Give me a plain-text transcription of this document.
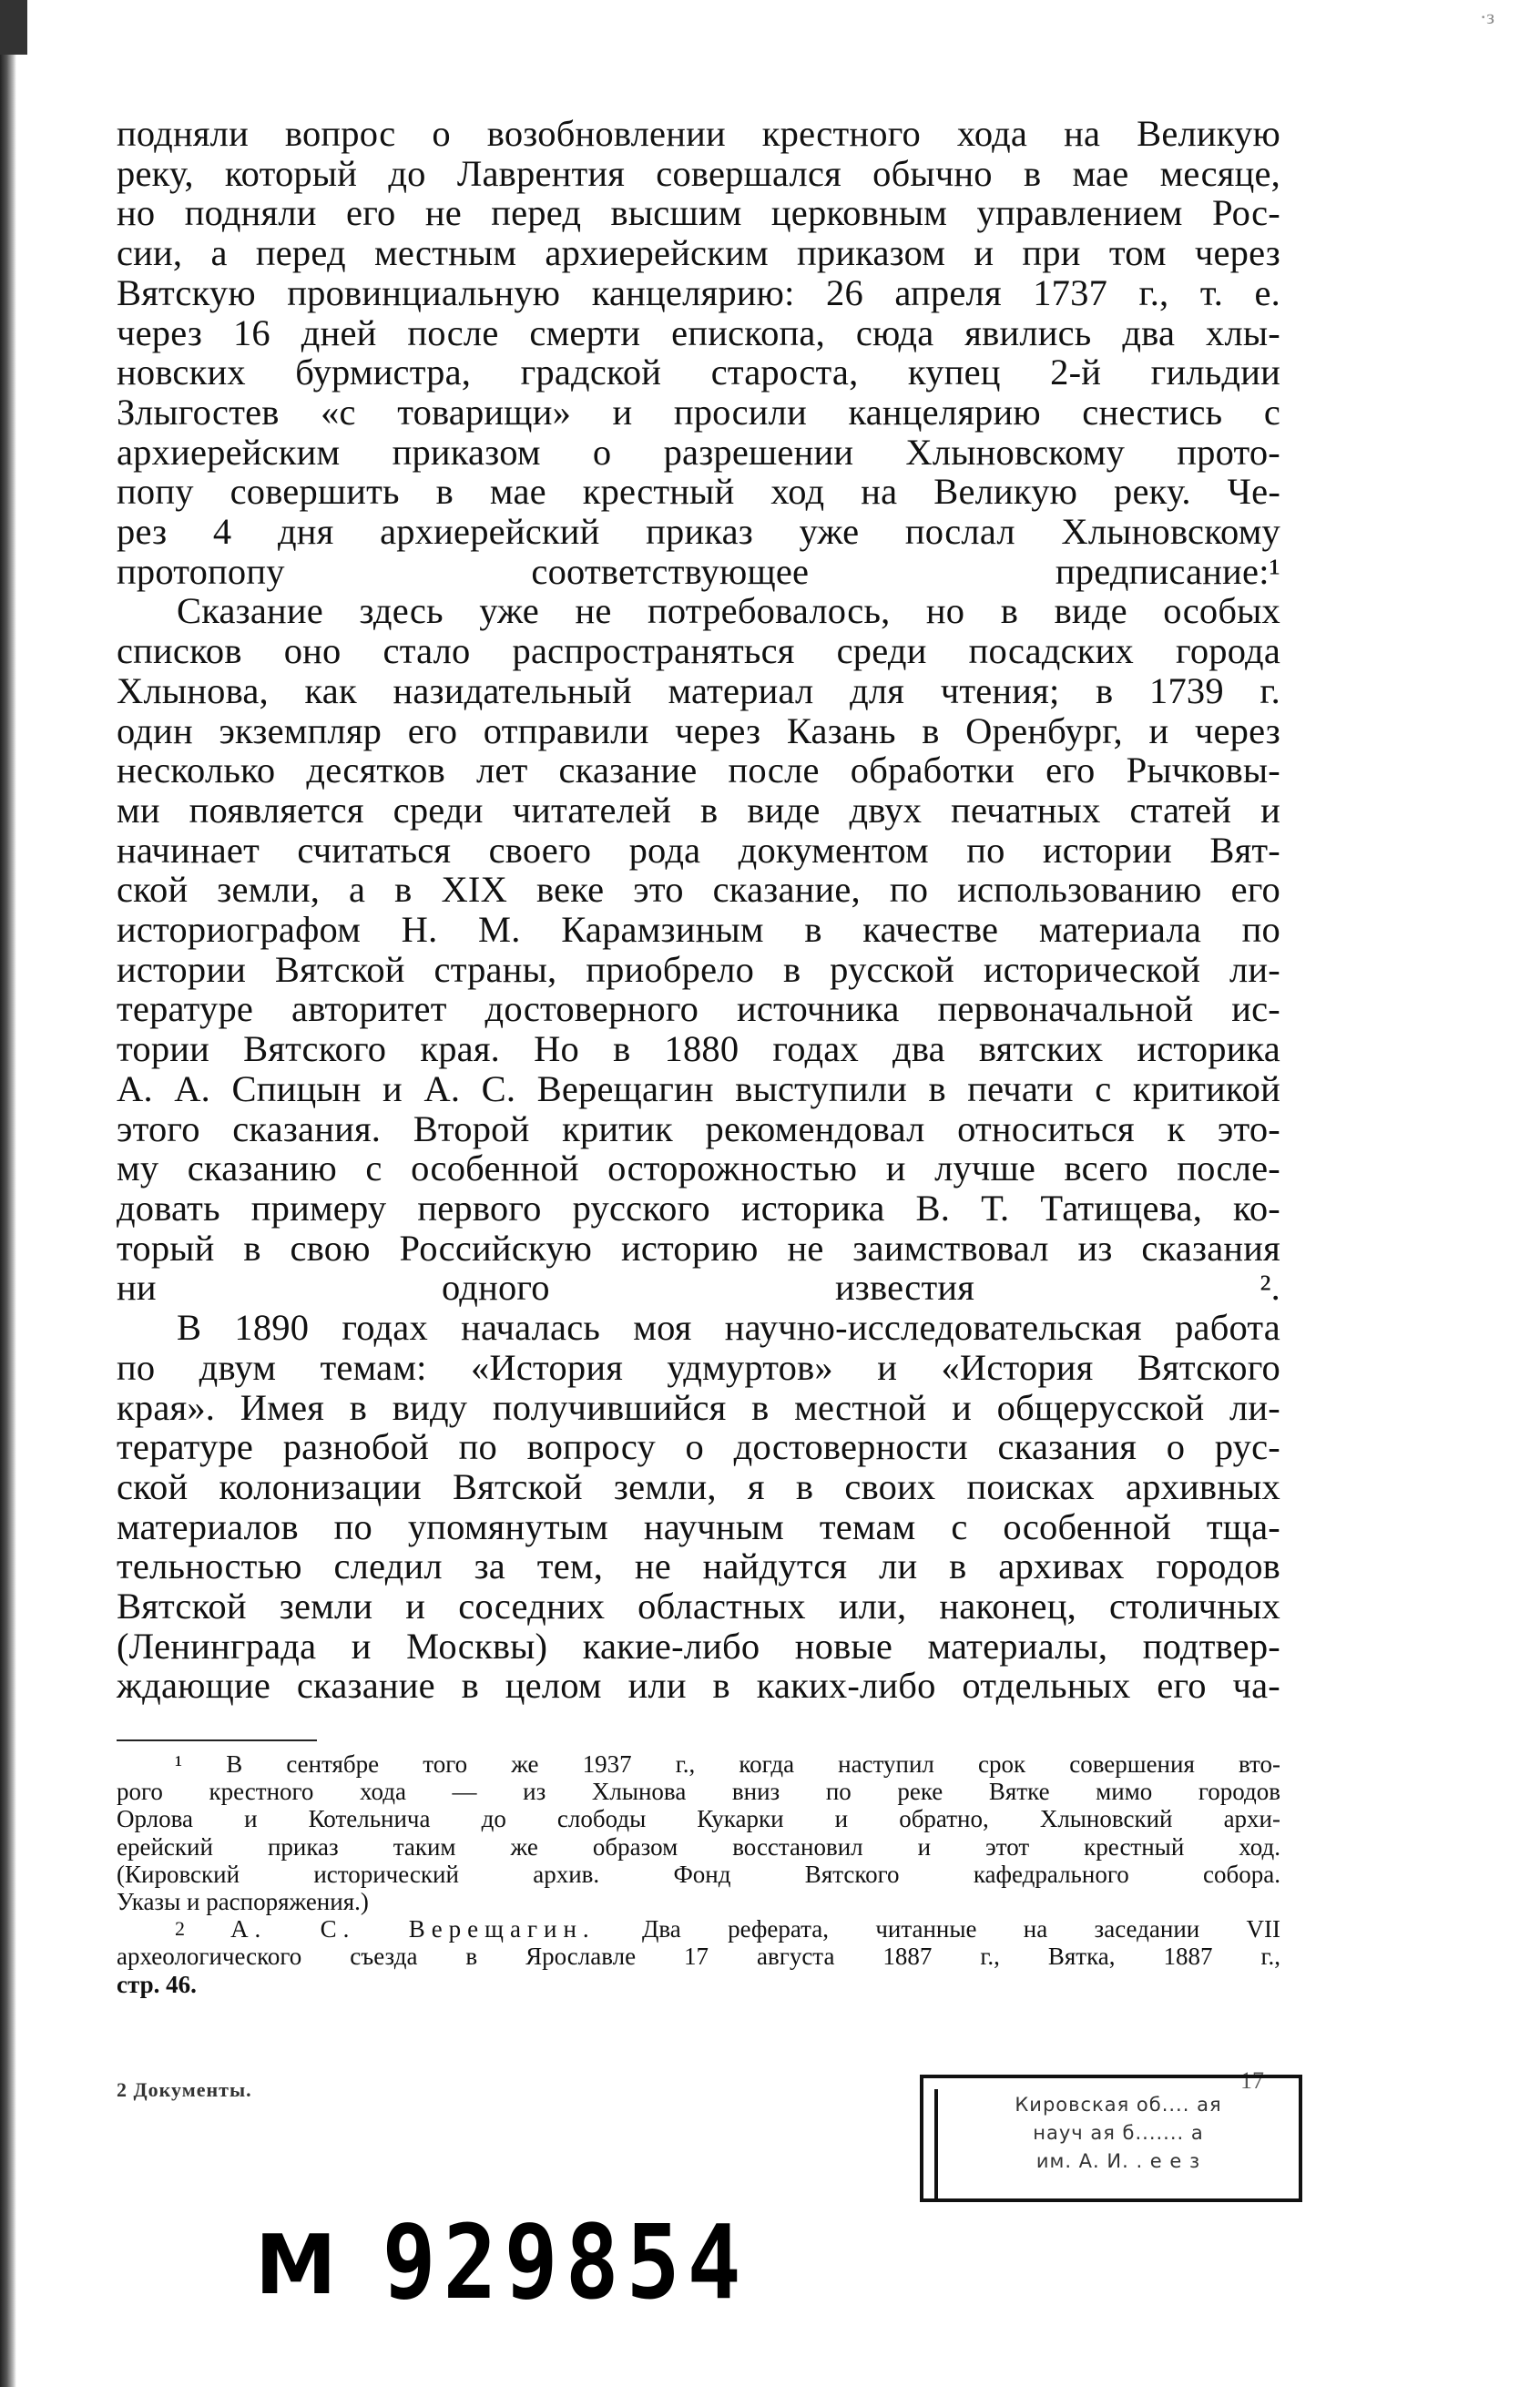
·з

подняли вопрос о возобновлении крестного хода на Великую
реку, который до Лаврентия совершался обычно в мае месяце,
но подняли его не перед высшим церковным управлением Рос-
сии, а перед местным архиерейским приказом и при том через
Вятскую провинциальную канцелярию: 26 апреля 1737 г., т. е.
через 16 дней после смерти епископа, сюда явились два хлы-
новских бурмистра, градской староста, купец 2-й гильдии
Злыгостев «с товарищи» и просили канцелярию снестись с
архиерейским приказом о разрешении Хлыновскому прото-
попу совершить в мае крестный ход на Великую реку. Че-
рез 4 дня архиерейский приказ уже послал Хлыновскому
протопопу соответствующее предписание:¹

Сказание здесь уже не потребовалось, но в виде особых
списков оно стало распространяться среди посадских города
Хлынова, как назидательный материал для чтения; в 1739 г.
один экземпляр его отправили через Казань в Оренбург, и через
несколько десятков лет сказание после обработки его Рычковы-
ми появляется среди читателей в виде двух печатных статей и
начинает считаться своего рода документом по истории Вят-
ской земли, а в XIX веке это сказание, по использованию его
историографом Н. М. Карамзиным в качестве материала по
истории Вятской страны, приобрело в русской исторической ли-
тературе авторитет достоверного источника первоначальной ис-
тории Вятского края. Но в 1880 годах два вятских историка
А. А. Спицын и А. С. Верещагин выступили в печати с критикой
этого сказания. Второй критик рекомендовал относиться к это-
му сказанию с особенной осторожностью и лучше всего после-
довать примеру первого русского историка В. Т. Татищева, ко-
торый в свою Российскую историю не заимствовал из сказания
ни одного известия ².

В 1890 годах началась моя научно-исследовательская работа
по двум темам: «История удмуртов» и «История Вятского
края». Имея в виду получившийся в местной и общерусской ли-
тературе разнобой по вопросу о достоверности сказания о рус-
ской колонизации Вятской земли, я в своих поисках архивных
материалов по упомянутым научным темам с особенной тща-
тельностью следил за тем, не найдутся ли в архивах городов
Вятской земли и соседних областных или, наконец, столичных
(Ленинграда и Москвы) какие-либо новые материалы, подтвер-
ждающие сказание в целом или в каких-либо отдельных его ча-

¹ В сентябре того же 1937 г., когда наступил срок совершения вто-
рого крестного хода — из Хлынова вниз по реке Вятке мимо городов
Орлова и Котельнича до слободы Кукарки и обратно, Хлыновский архи-
ерейский приказ таким же образом восстановил и этот крестный ход.
(Кировский исторический архив. Фонд Вятского кафедрального собора.
Указы и распоряжения.)

$^2$ А. С. Верещагин. Два реферата, читанные на заседании VII
археологического съезда в Ярославле 17 августа 1887 г., Вятка, 1887 г.,
стр. 46.

2 Документы.	17
Кировская об.... ая
науч ая б....... а
им. А. И. . е е з
М 929854
